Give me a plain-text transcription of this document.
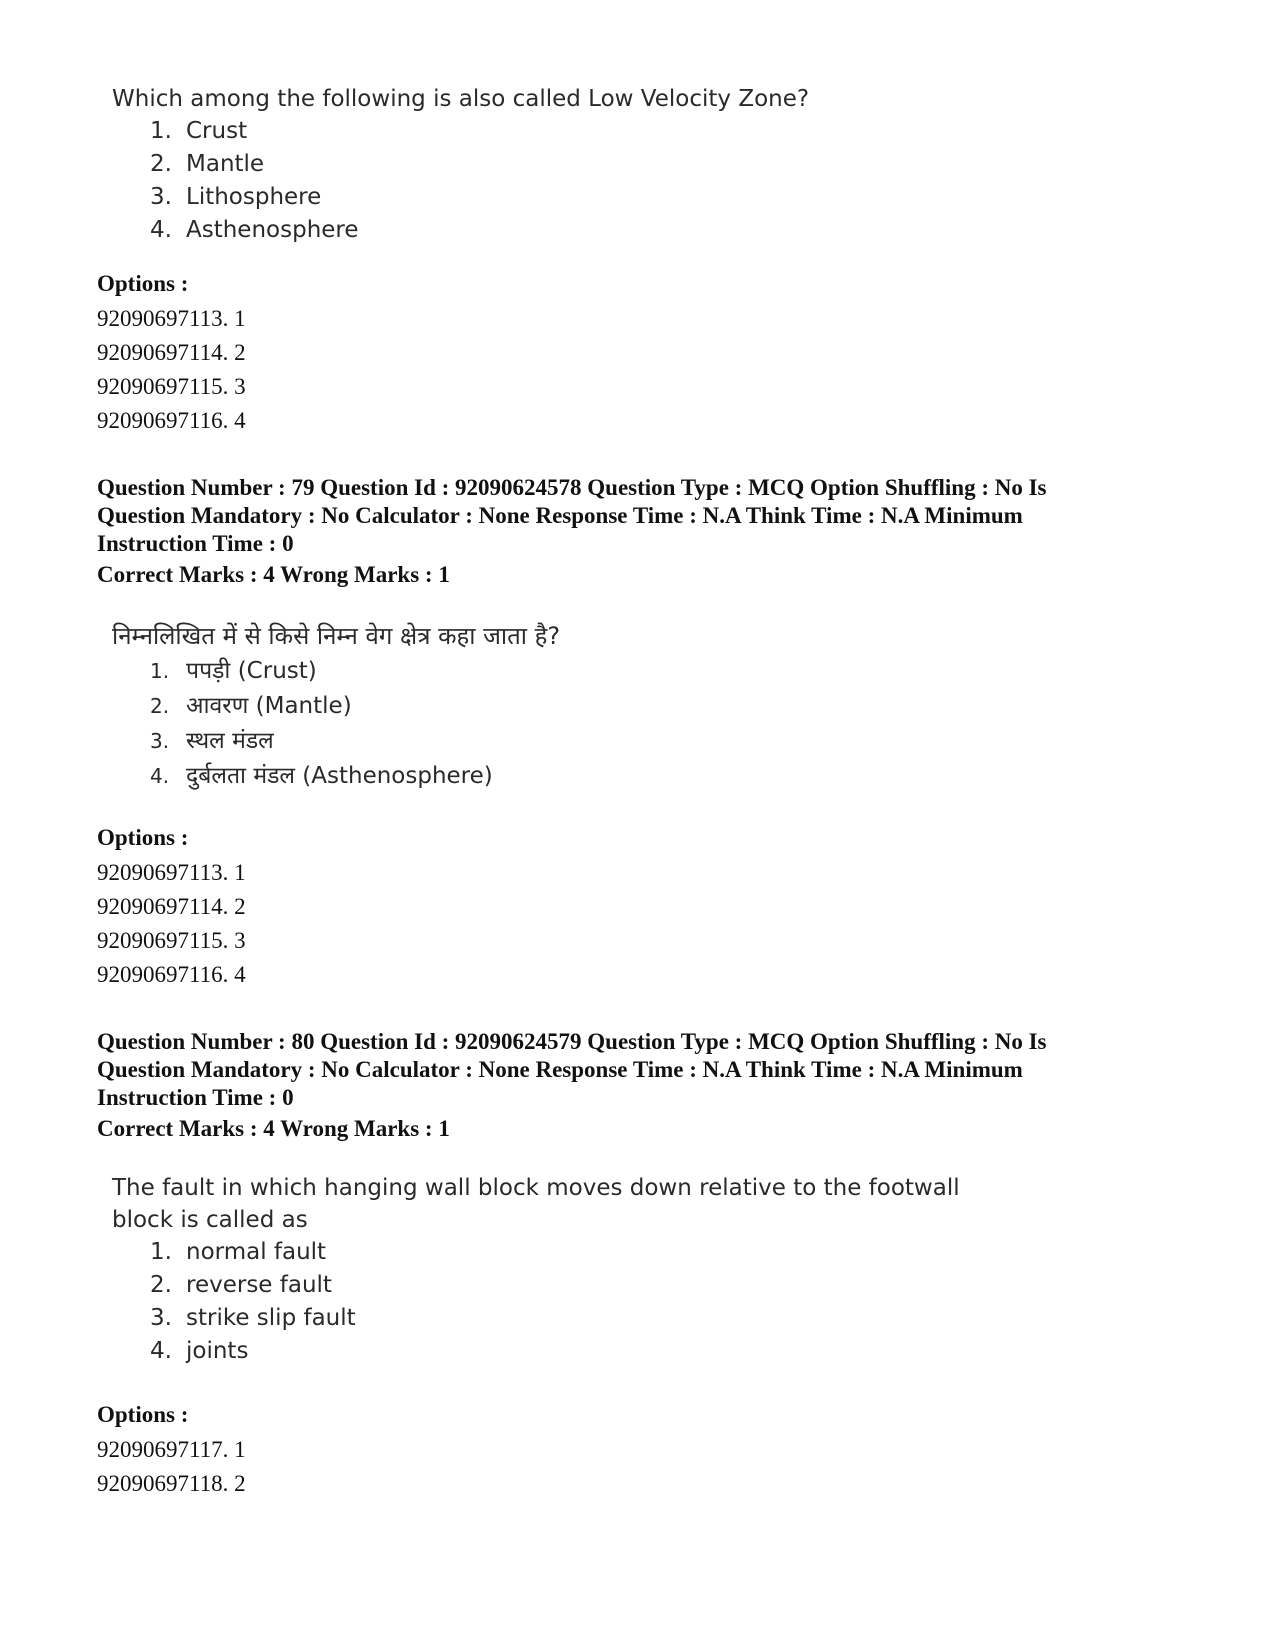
Which among the following is also called Low Velocity Zone?

1. Crust
2. Mantle
3. Lithosphere
4. Asthenosphere
Options :
92090697113. 1
92090697114. 2
92090697115. 3
92090697116. 4
Question Number : 79 Question Id : 92090624578 Question Type : MCQ Option Shuffling : No Is
Question Mandatory : No Calculator : None Response Time : N.A Think Time : N.A Minimum
Instruction Time : 0
Correct Marks : 4 Wrong Marks : 1

निम्नलिखित में से किसे निम्न वेग क्षेत्र कहा जाता है?

1. पपड़ी (Crust)
2. आवरण (Mantle)
3. स्थल मंडल
4. दुर्बलता मंडल (Asthenosphere)
Options :
92090697113. 1
92090697114. 2
92090697115. 3
92090697116. 4
Question Number : 80 Question Id : 92090624579 Question Type : MCQ Option Shuffling : No Is
Question Mandatory : No Calculator : None Response Time : N.A Think Time : N.A Minimum
Instruction Time : 0
Correct Marks : 4 Wrong Marks : 1

The fault in which hanging wall block moves down relative to the footwall

block is called as

1. normal fault
2. reverse fault
3. strike slip fault
4. joints
Options :
92090697117. 1
92090697118. 2
